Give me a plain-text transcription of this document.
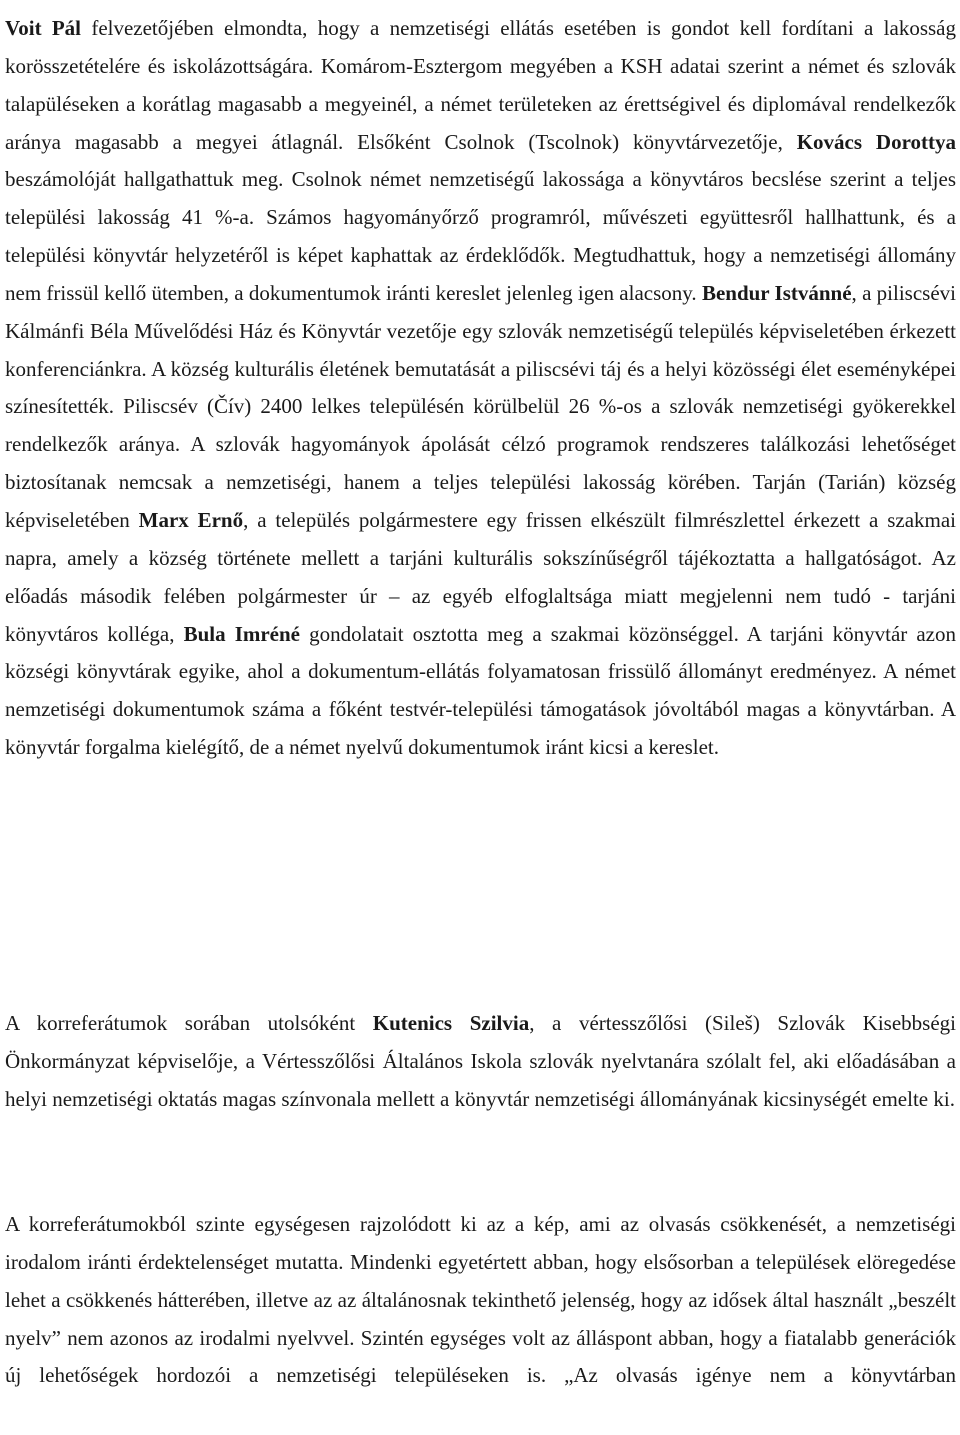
Voit Pál felvezetőjében elmondta, hogy a nemzetiségi ellátás esetében is gondot kell fordítani a lakosság korösszetételére és iskolázottságára. Komárom-Esztergom megyében a KSH adatai szerint a német és szlovák talapüléseken a korátlag magasabb a megyeinél, a német területeken az érettségivel és diplomával rendelkezők aránya magasabb a megyei átlagnál. Elsőként Csolnok (Tscolnok) könyvtárvezetője, Kovács Dorottya beszámolóját hallgathattuk meg. Csolnok német nemzetiségű lakossága a könyvtáros becslése szerint a teljes települési lakosság 41 %-a. Számos hagyományőrző programról, művészeti együttesről hallhattunk, és a települési könyvtár helyzetéről is képet kaphattak az érdeklődők. Megtudhattuk, hogy a nemzetiségi állomány nem frissül kellő ütemben, a dokumentumok iránti kereslet jelenleg igen alacsony. Bendur Istvánné, a piliscsévi Kálmánfi Béla Művelődési Ház és Könyvtár vezetője egy szlovák nemzetiségű település képviseletében érkezett konferenciánkra. A község kulturális életének bemutatását a piliscsévi táj és a helyi közösségi élet eseményképei színesítették. Piliscsév (Čív) 2400 lelkes településén körülbelül 26 %-os a szlovák nemzetiségi gyökerekkel rendelkezők aránya. A szlovák hagyományok ápolását célzó programok rendszeres találkozási lehetőséget biztosítanak nemcsak a nemzetiségi, hanem a teljes települési lakosság körében. Tarján (Tarián) község képviseletében Marx Ernő, a település polgármestere egy frissen elkészült filmrészlettel érkezett a szakmai napra, amely a község története mellett a tarjáni kulturális sokszínűségről tájékoztatta a hallgatóságot. Az előadás második felében polgármester úr – az egyéb elfoglaltsága miatt megjelenni nem tudó - tarjáni könyvtáros kolléga, Bula Imréné gondolatait osztotta meg a szakmai közönséggel. A tarjáni könyvtár azon községi könyvtárak egyike, ahol a dokumentum-ellátás folyamatosan frissülő állományt eredményez. A német nemzetiségi dokumentumok száma a főként testvér-települési támogatások jóvoltából magas a könyvtárban. A könyvtár forgalma kielégítő, de a német nyelvű dokumentumok iránt kicsi a kereslet.

A korreferátumok sorában utolsóként Kutenics Szilvia, a vértesszőlősi (Sileš) Szlovák Kisebbségi Önkormányzat képviselője, a Vértesszőlősi Általános Iskola szlovák nyelvtanára szólalt fel, aki előadásában a helyi nemzetiségi oktatás magas színvonala mellett a könyvtár nemzetiségi állományának kicsinységét emelte ki.

A korreferátumokból szinte egységesen rajzolódott ki az a kép, ami az olvasás csökkenését, a nemzetiségi irodalom iránti érdektelenséget mutatta. Mindenki egyetértett abban, hogy elsősorban a települések elöregedése lehet a csökkenés hátterében, illetve az az általánosnak tekinthető jelenség, hogy az idősek által használt „beszélt nyelv” nem azonos az irodalmi nyelvvel. Szintén egységes volt az álláspont abban, hogy a fiatalabb generációk új lehetőségek hordozói a nemzetiségi településeken is. „Az olvasás igénye nem a könyvtárban
